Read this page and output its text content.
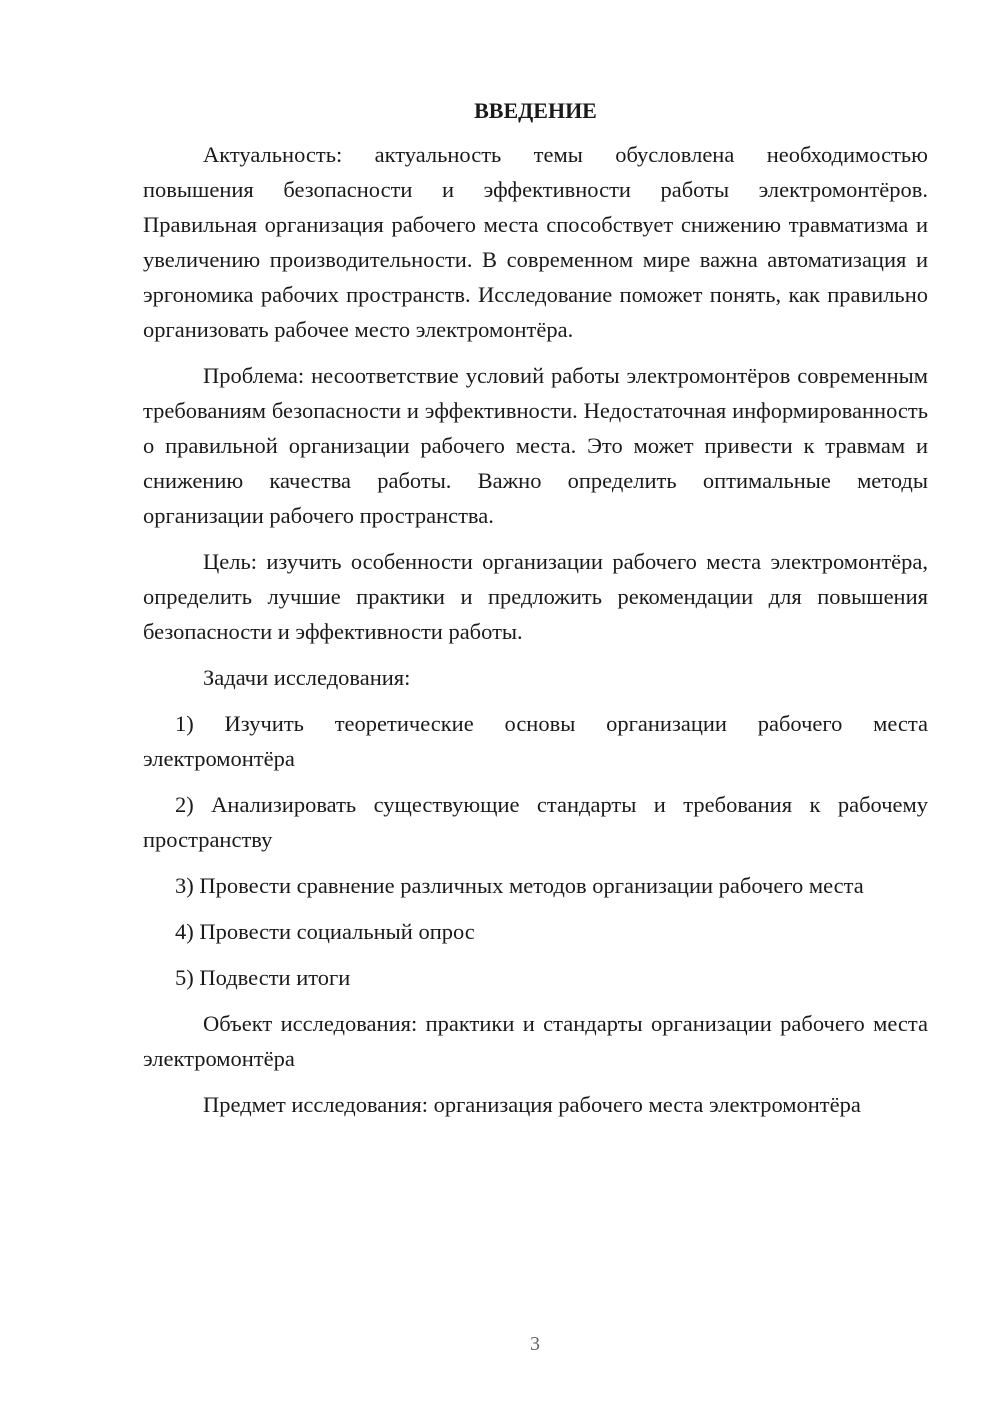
ВВЕДЕНИЕ

Актуальность: актуальность темы обусловлена необходимостью повышения безопасности и эффективности работы электромонтёров. Правильная организация рабочего места способствует снижению травматизма и увеличению производительности. В современном мире важна автоматизация и эргономика рабочих пространств. Исследование поможет понять, как правильно организовать рабочее место электромонтёра.

Проблема: несоответствие условий работы электромонтёров современным требованиям безопасности и эффективности. Недостаточная информированность о правильной организации рабочего места. Это может привести к травмам и снижению качества работы. Важно определить оптимальные методы организации рабочего пространства.

Цель: изучить особенности организации рабочего места электромонтёра, определить лучшие практики и предложить рекомендации для повышения безопасности и эффективности работы.

Задачи исследования:

1) Изучить теоретические основы организации рабочего места электромонтёра

2) Анализировать существующие стандарты и требования к рабочему пространству

3) Провести сравнение различных методов организации рабочего места

4) Провести социальный опрос

5) Подвести итоги

Объект исследования: практики и стандарты организации рабочего места электромонтёра

Предмет исследования: организация рабочего места электромонтёра

3
